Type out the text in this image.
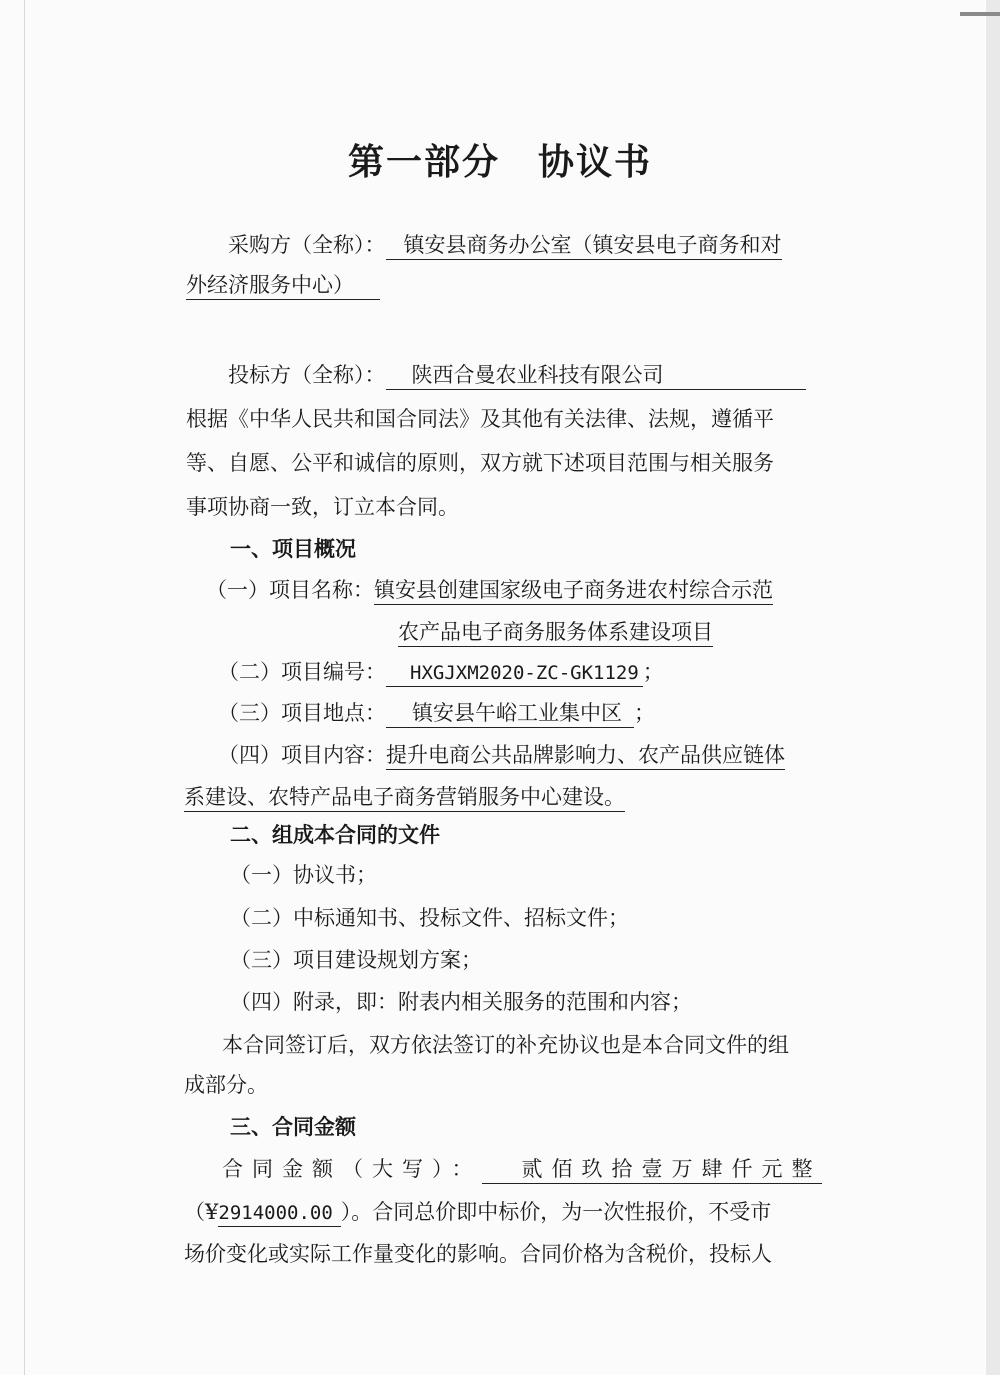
第一部分　协议书
采购方（全称）： 镇安县商务办公室（镇安县电子商务和对
外经济服务中心）
投标方（全称）： 陕西合曼农业科技有限公司
根据《中华人民共和国合同法》及其他有关法律、法规，遵循平
等、自愿、公平和诚信的原则，双方就下述项目范围与相关服务
事项协商一致，订立本合同。
一、项目概况
（一）项目名称：镇安县创建国家级电子商务进农村综合示范
农产品电子商务服务体系建设项目
（二）项目编号： HXGJXM2020-ZC-GK1129 ；
（三）项目地点： 镇安县午峪工业集中区 ；
（四）项目内容：提升电商公共品牌影响力、农产品供应链体
系建设、农特产品电子商务营销服务中心建设。
二、组成本合同的文件
（一）协议书；
（二）中标通知书、投标文件、招标文件；
（三）项目建设规划方案；
（四）附录，即：附表内相关服务的范围和内容；
本合同签订后，双方依法签订的补充协议也是本合同文件的组
成部分。
三、合同金额
合同金额（大写）： 贰佰玖拾壹万肆仟元整
（¥2914000.00 ）。合同总价即中标价，为一次性报价，不受市
场价变化或实际工作量变化的影响。合同价格为含税价，投标人
